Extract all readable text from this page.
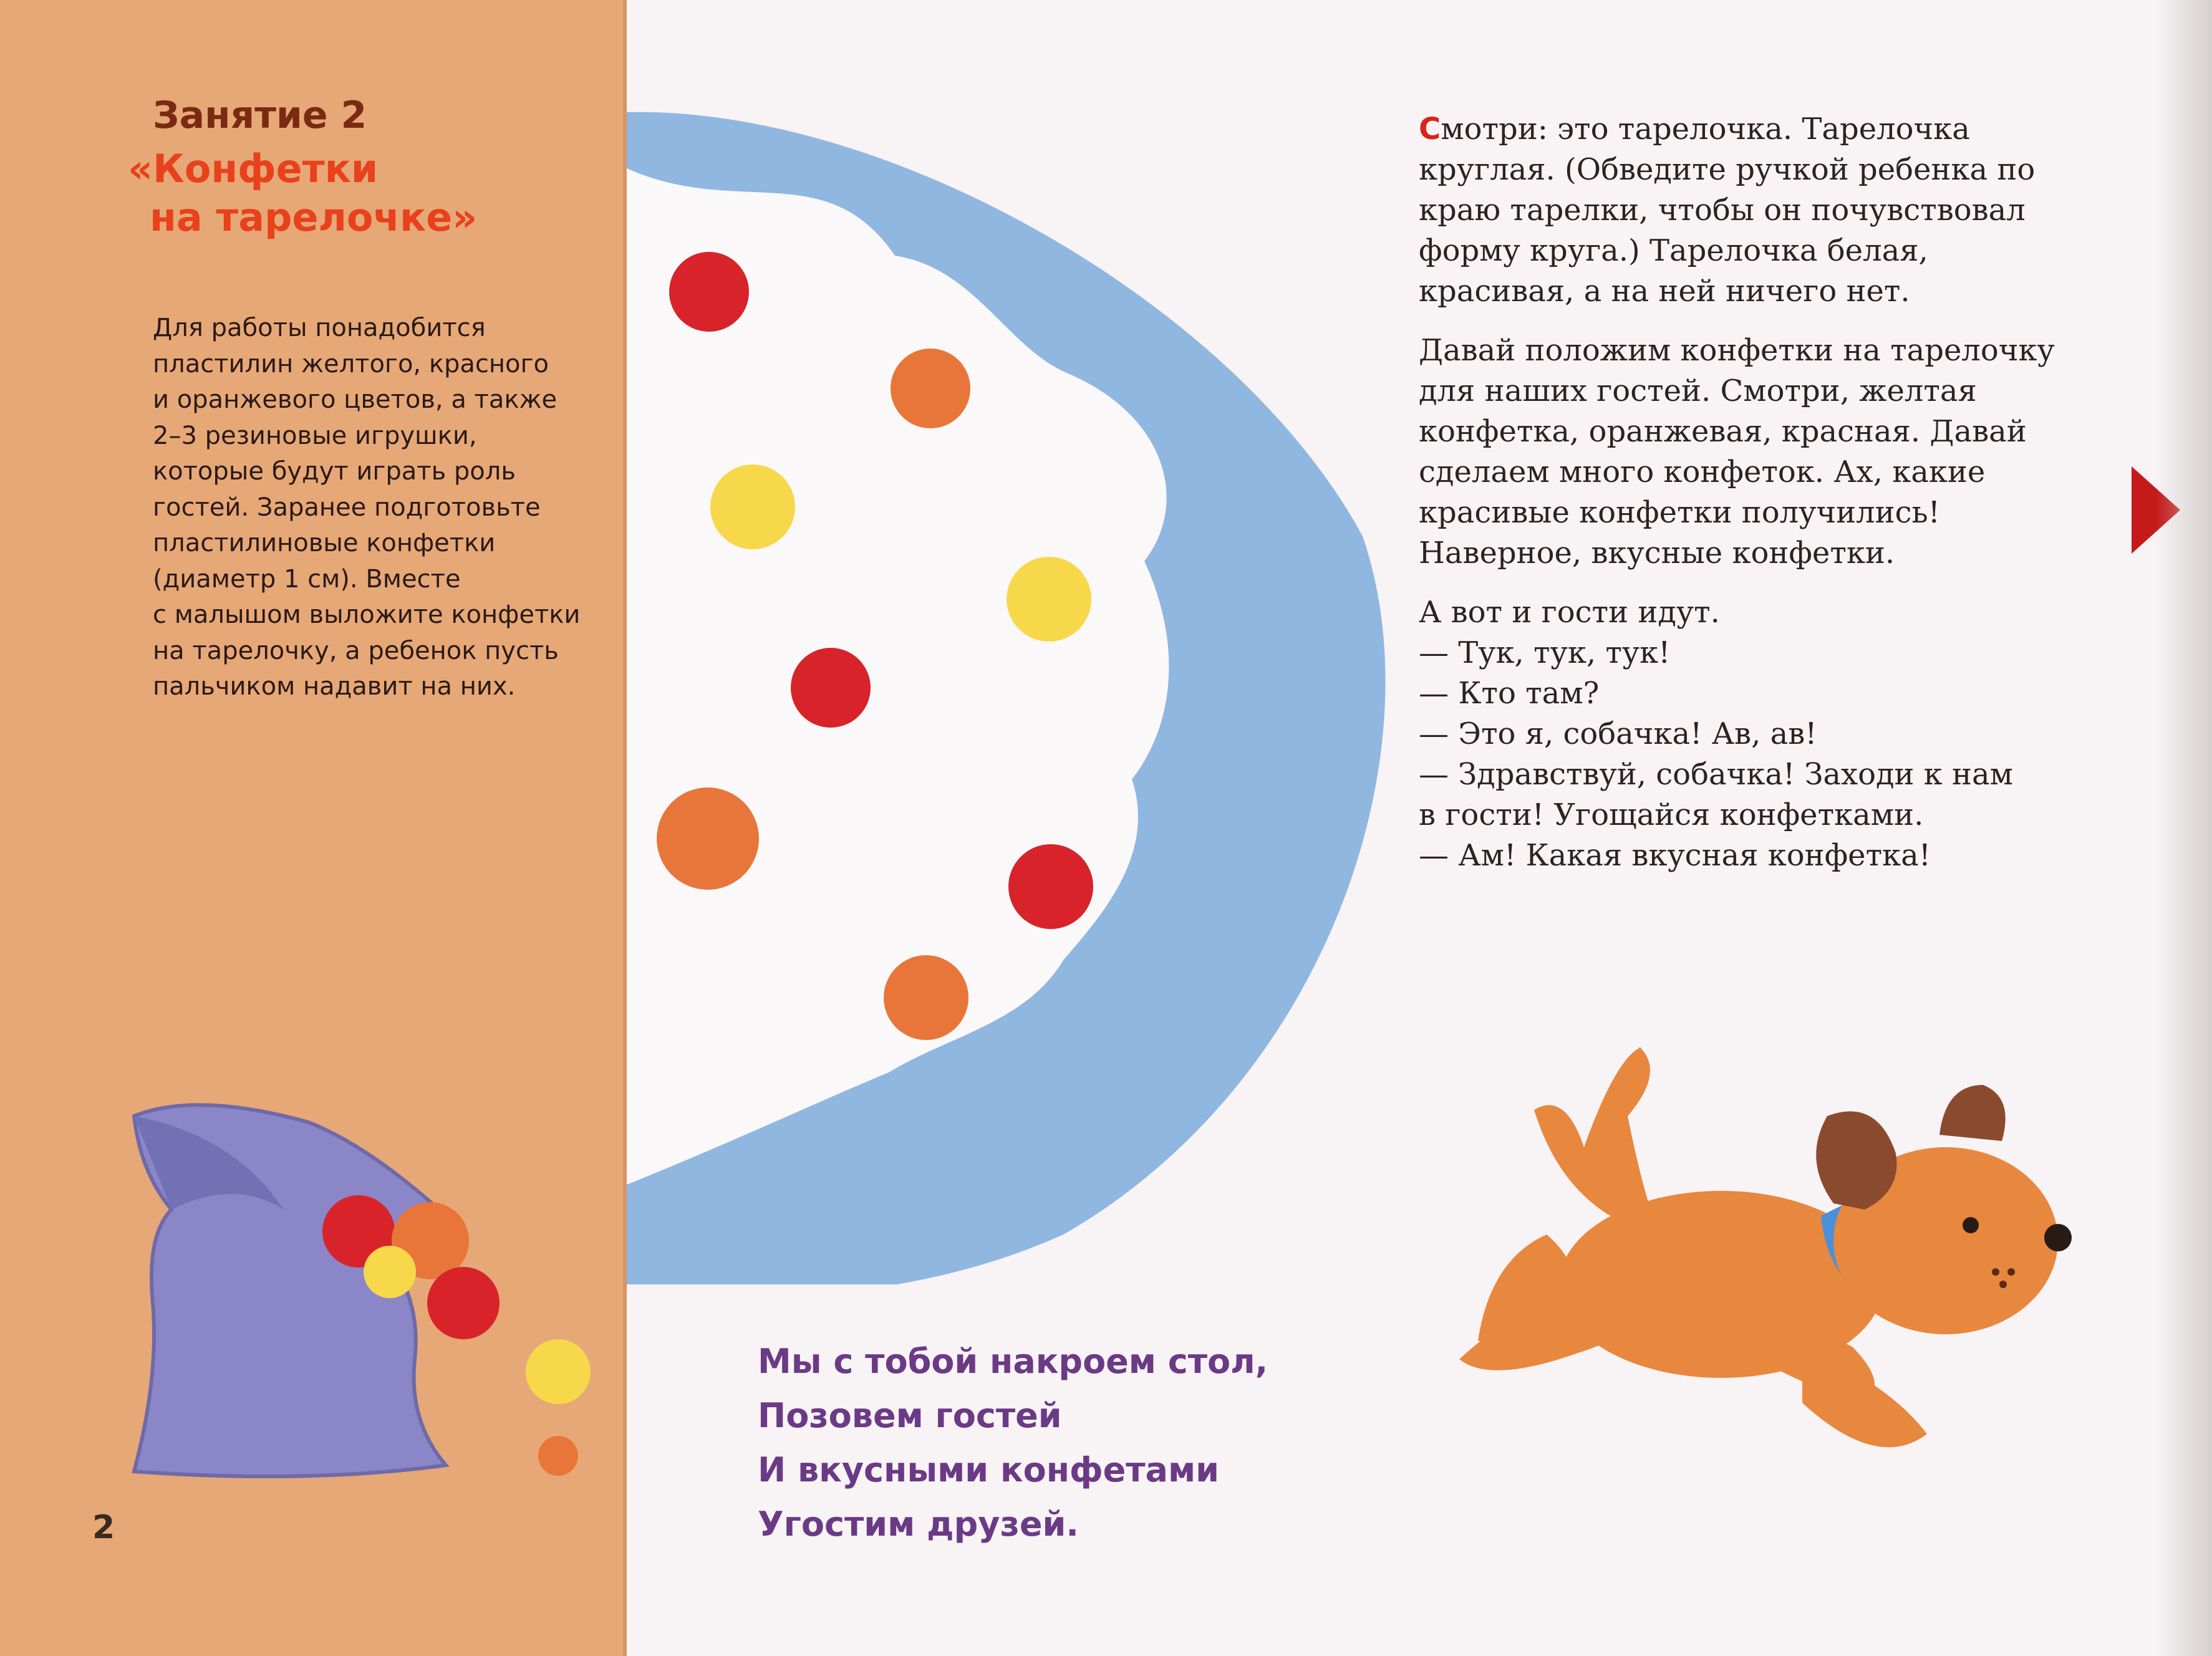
Занятие 2
«Конфетки
на тарелочке»
Для работы понадобится
пластилин желтого, красного
и оранжевого цветов, а также
2–3 резиновые игрушки,
которые будут играть роль
гостей. Заранее подготовьте
пластилиновые конфетки
(диаметр 1 см). Вместе
с малышом выложите конфетки
на тарелочку, а ребенок пусть
пальчиком надавит на них.
2
Смотри: это тарелочка. Тарелочка
круглая. (Обведите ручкой ребенка по
краю тарелки, чтобы он почувствовал
форму круга.) Тарелочка белая,
красивая, а на ней ничего нет.
Давай положим конфетки на тарелочку
для наших гостей. Смотри, желтая
конфетка, оранжевая, красная. Давай
сделаем много конфеток. Ах, какие
красивые конфетки получились!
Наверное, вкусные конфетки.
А вот и гости идут.
— Тук, тук, тук!
— Кто там?
— Это я, собачка! Ав, ав!
— Здравствуй, собачка! Заходи к нам
в гости! Угощайся конфетками.
— Ам! Какая вкусная конфетка!
Мы с тобой накроем стол,
Позовем гостей
И вкусными конфетами
Угостим друзей.
